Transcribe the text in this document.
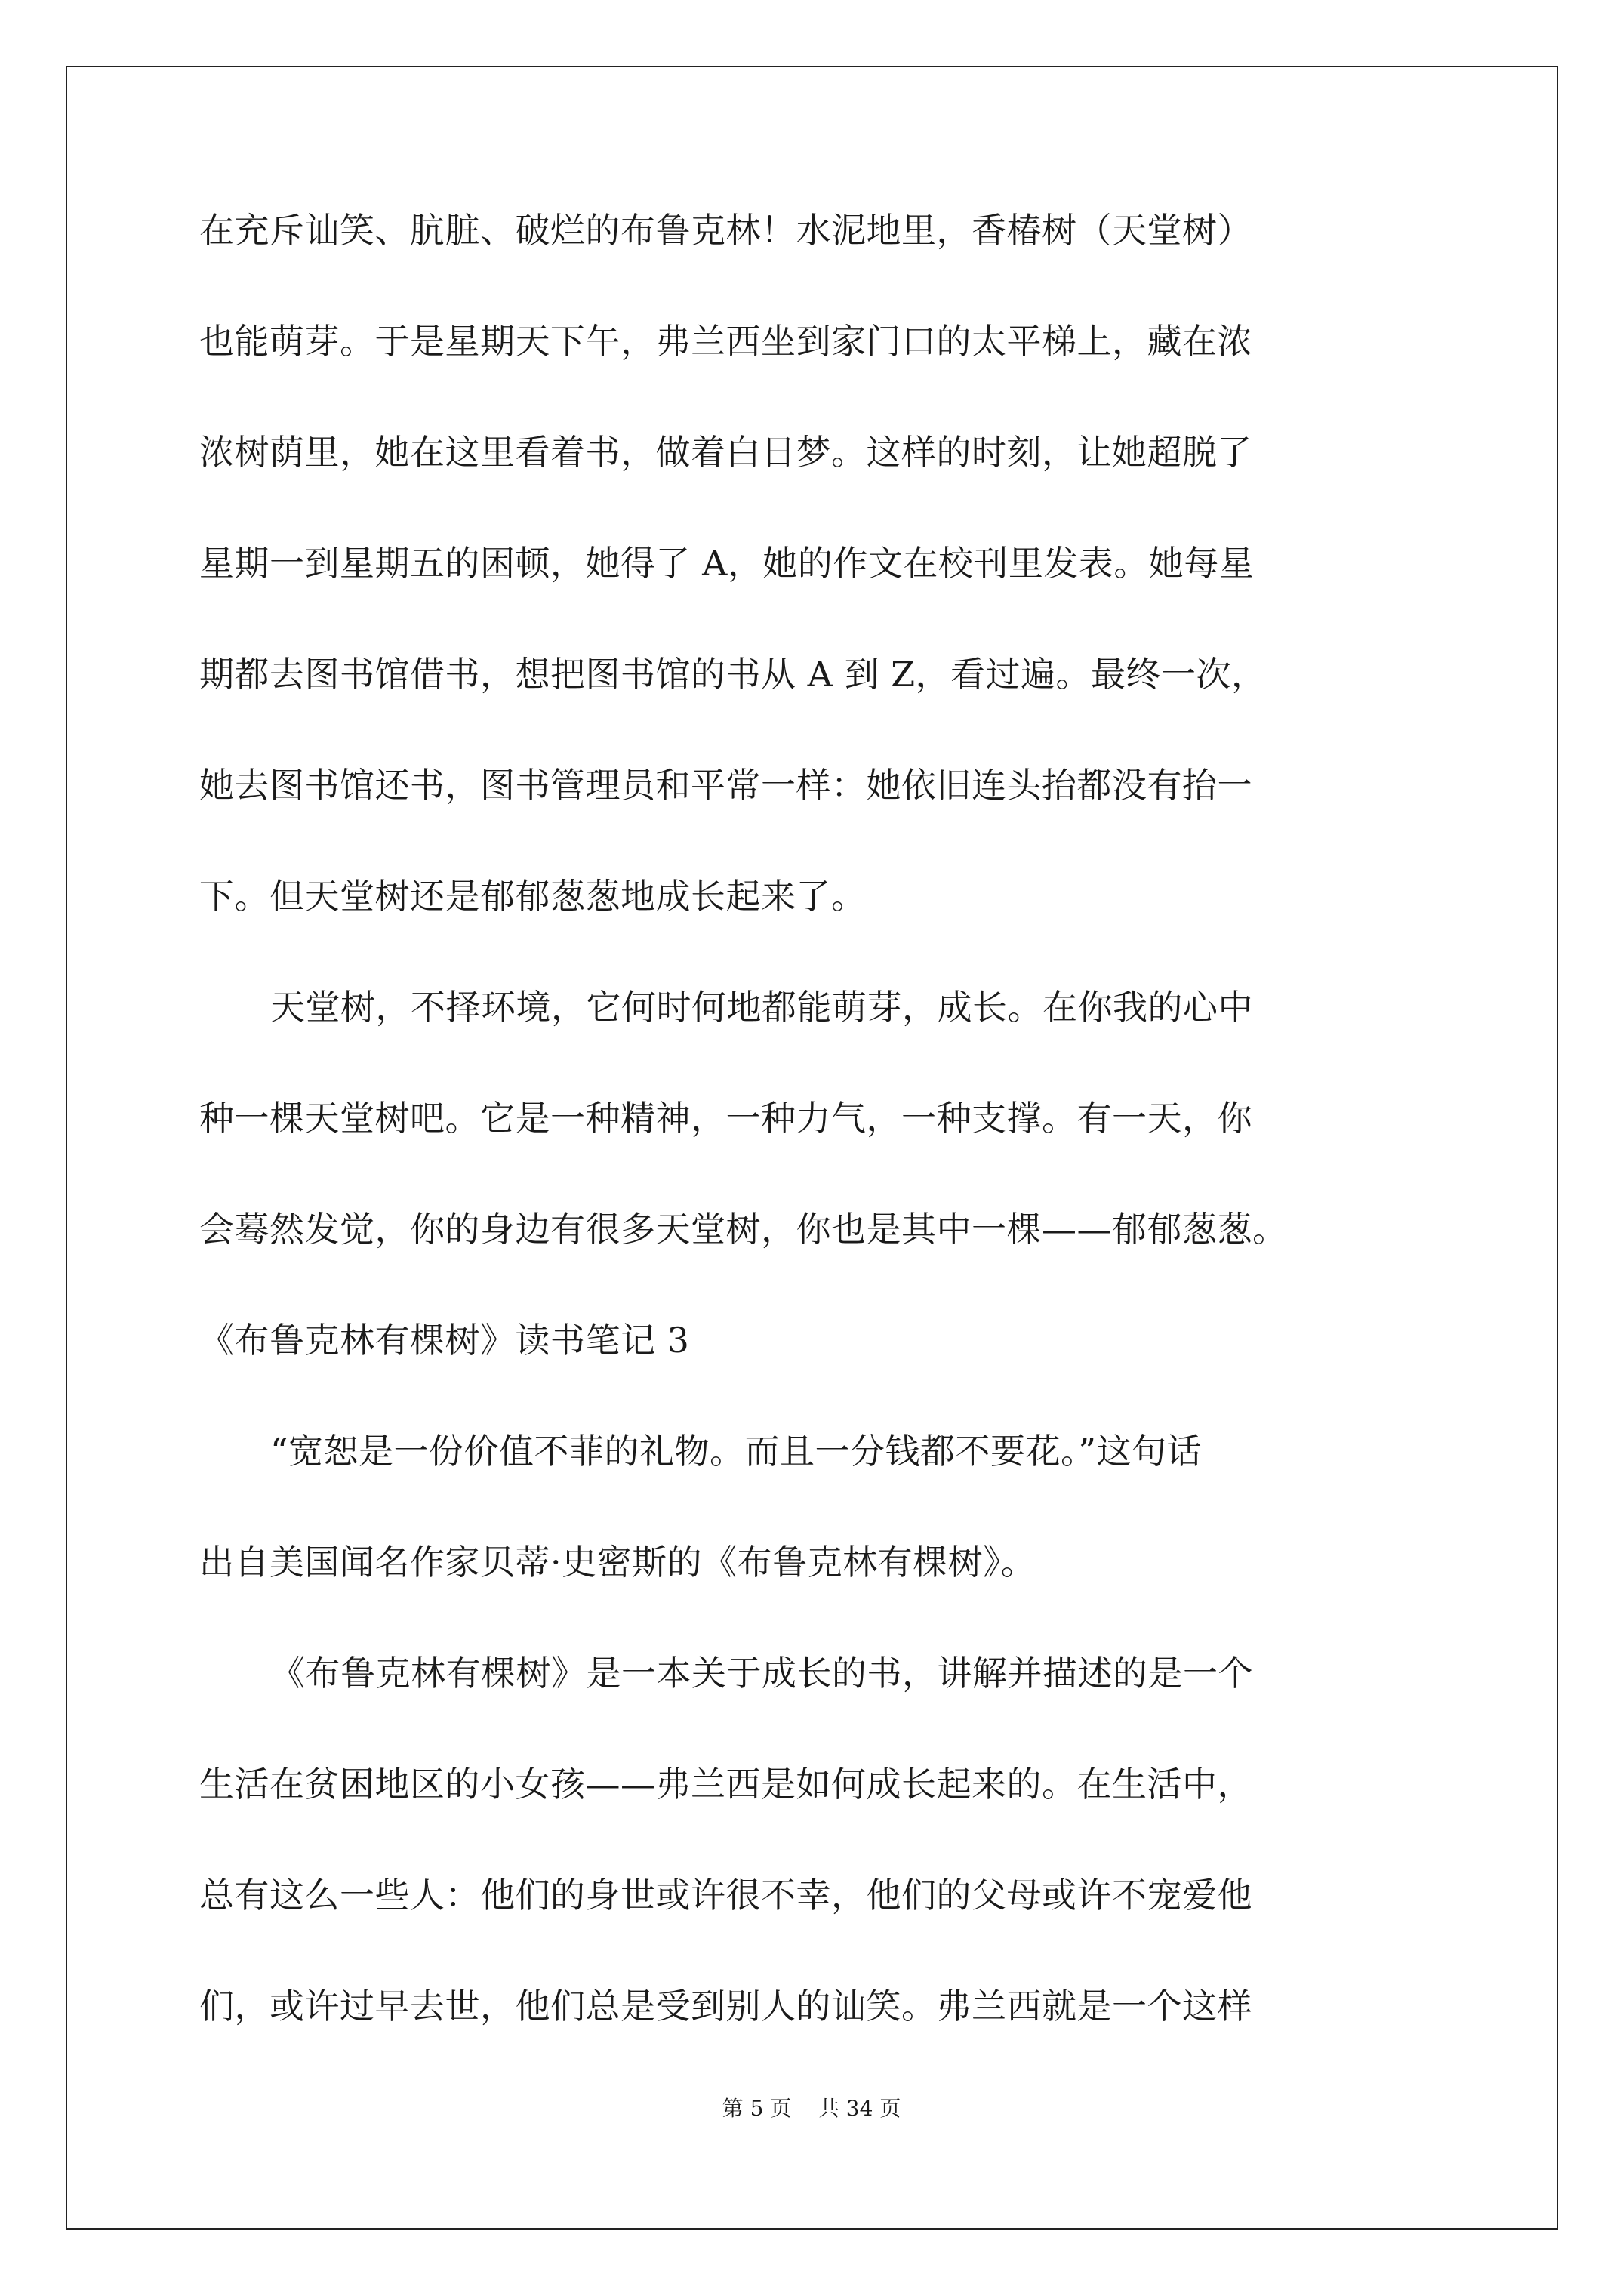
在充斥讪笑、肮脏、破烂的布鲁克林！水泥地里，香椿树（天堂树）
也能萌芽。于是星期天下午，弗兰西坐到家门口的太平梯上，藏在浓
浓树荫里，她在这里看着书，做着白日梦。这样的时刻，让她超脱了
星期一到星期五的困顿，她得了 A，她的作文在校刊里发表。她每星
期都去图书馆借书，想把图书馆的书从 A 到 Z，看过遍。最终一次，
她去图书馆还书，图书管理员和平常一样：她依旧连头抬都没有抬一
下。但天堂树还是郁郁葱葱地成长起来了。
天堂树，不择环境，它何时何地都能萌芽，成长。在你我的心中
种一棵天堂树吧。它是一种精神，一种力气，一种支撑。有一天，你
会蓦然发觉，你的身边有很多天堂树，你也是其中一棵——郁郁葱葱。
《布鲁克林有棵树》读书笔记 3
“宽恕是一份价值不菲的礼物。而且一分钱都不要花。”这句话
出自美国闻名作家贝蒂·史密斯的《布鲁克林有棵树》。
《布鲁克林有棵树》是一本关于成长的书，讲解并描述的是一个
生活在贫困地区的小女孩——弗兰西是如何成长起来的。在生活中，
总有这么一些人：他们的身世或许很不幸，他们的父母或许不宠爱他
们，或许过早去世，他们总是受到别人的讪笑。弗兰西就是一个这样
第 5 页    共 34 页
